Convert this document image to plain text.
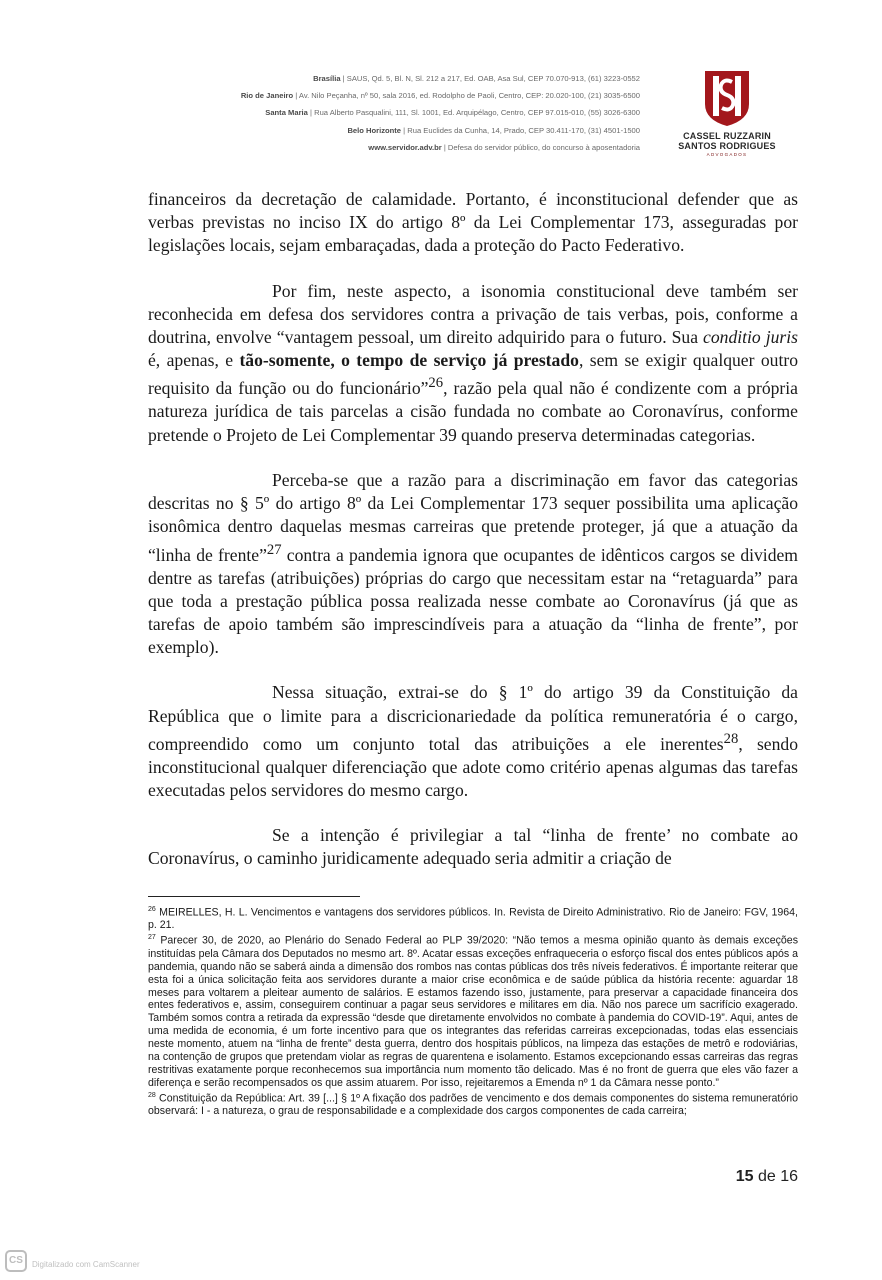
Brasília | SAUS, Qd. 5, Bl. N, Sl. 212 a 217, Ed. OAB, Asa Sul, CEP 70.070-913, (61) 3223-0552
Rio de Janeiro | Av. Nilo Peçanha, nº 50, sala 2016, ed. Rodolpho de Paoli, Centro, CEP: 20.020-100, (21) 3035-6500
Santa Maria | Rua Alberto Pasqualini, 111, Sl. 1001, Ed. Arquipélago, Centro, CEP 97.015-010, (55) 3026-6300
Belo Horizonte | Rua Euclides da Cunha, 14, Prado, CEP 30.411-170, (31) 4501-1500
www.servidor.adv.br | Defesa do servidor público, do concurso à aposentadoria
CASSEL RUZZARIN
SANTOS RODRIGUES
ADVOGADOS

financeiros da decretação de calamidade. Portanto, é inconstitucional defender que as verbas previstas no inciso IX do artigo 8º da Lei Complementar 173, asseguradas por legislações locais, sejam embaraçadas, dada a proteção do Pacto Federativo.

Por fim, neste aspecto, a isonomia constitucional deve também ser reconhecida em defesa dos servidores contra a privação de tais verbas, pois, conforme a doutrina, envolve “vantagem pessoal, um direito adquirido para o futuro. Sua conditio juris é, apenas, e tão-somente, o tempo de serviço já prestado, sem se exigir qualquer outro requisito da função ou do funcionário”$^{26}$, razão pela qual não é condizente com a própria natureza jurídica de tais parcelas a cisão fundada no combate ao Coronavírus, conforme pretende o Projeto de Lei Complementar 39 quando preserva determinadas categorias.

Perceba-se que a razão para a discriminação em favor das categorias descritas no § 5º do artigo 8º da Lei Complementar 173 sequer possibilita uma aplicação isonômica dentro daquelas mesmas carreiras que pretende proteger, já que a atuação da “linha de frente”$^{27}$ contra a pandemia ignora que ocupantes de idênticos cargos se dividem dentre as tarefas (atribuições) próprias do cargo que necessitam estar na “retaguarda” para que toda a prestação pública possa realizada nesse combate ao Coronavírus (já que as tarefas de apoio também são imprescindíveis para a atuação da “linha de frente”, por exemplo).

Nessa situação, extrai-se do § 1º do artigo 39 da Constituição da República que o limite para a discricionariedade da política remuneratória é o cargo, compreendido como um conjunto total das atribuições a ele inerentes$^{28}$, sendo inconstitucional qualquer diferenciação que adote como critério apenas algumas das tarefas executadas pelos servidores do mesmo cargo.

Se a intenção é privilegiar a tal “linha de frente’ no combate ao Coronavírus, o caminho juridicamente adequado seria admitir a criação de

$^{26}$ MEIRELLES, H. L. Vencimentos e vantagens dos servidores públicos. In. Revista de Direito Administrativo. Rio de Janeiro: FGV, 1964, p. 21.

$^{27}$ Parecer 30, de 2020, ao Plenário do Senado Federal ao PLP 39/2020: “Não temos a mesma opinião quanto às demais exceções instituídas pela Câmara dos Deputados no mesmo art. 8º. Acatar essas exceções enfraqueceria o esforço fiscal dos entes públicos após a pandemia, quando não se saberá ainda a dimensão dos rombos nas contas públicas dos três níveis federativos. É importante reiterar que esta foi a única solicitação feita aos servidores durante a maior crise econômica e de saúde pública da história recente: aguardar 18 meses para voltarem a pleitear aumento de salários. E estamos fazendo isso, justamente, para preservar a capacidade financeira dos entes federativos e, assim, conseguirem continuar a pagar seus servidores e militares em dia. Não nos parece um sacrifício exagerado. Também somos contra a retirada da expressão “desde que diretamente envolvidos no combate à pandemia do COVID-19”. Aqui, antes de uma medida de economia, é um forte incentivo para que os integrantes das referidas carreiras excepcionadas, todas elas essenciais neste momento, atuem na “linha de frente” desta guerra, dentro dos hospitais públicos, na limpeza das estações de metrô e rodoviárias, na contenção de grupos que pretendam violar as regras de quarentena e isolamento. Estamos excepcionando essas carreiras das regras restritivas exatamente porque reconhecemos sua importância num momento tão delicado. Mas é no front de guerra que eles vão fazer a diferença e serão recompensados os que assim atuarem. Por isso, rejeitaremos a Emenda nº 1 da Câmara nesse ponto.”

$^{28}$ Constituição da República: Art. 39 [...] § 1º A fixação dos padrões de vencimento e dos demais componentes do sistema remuneratório observará: I - a natureza, o grau de responsabilidade e a complexidade dos cargos componentes de cada carreira;

15 de 16
CS	Digitalizado com CamScanner
